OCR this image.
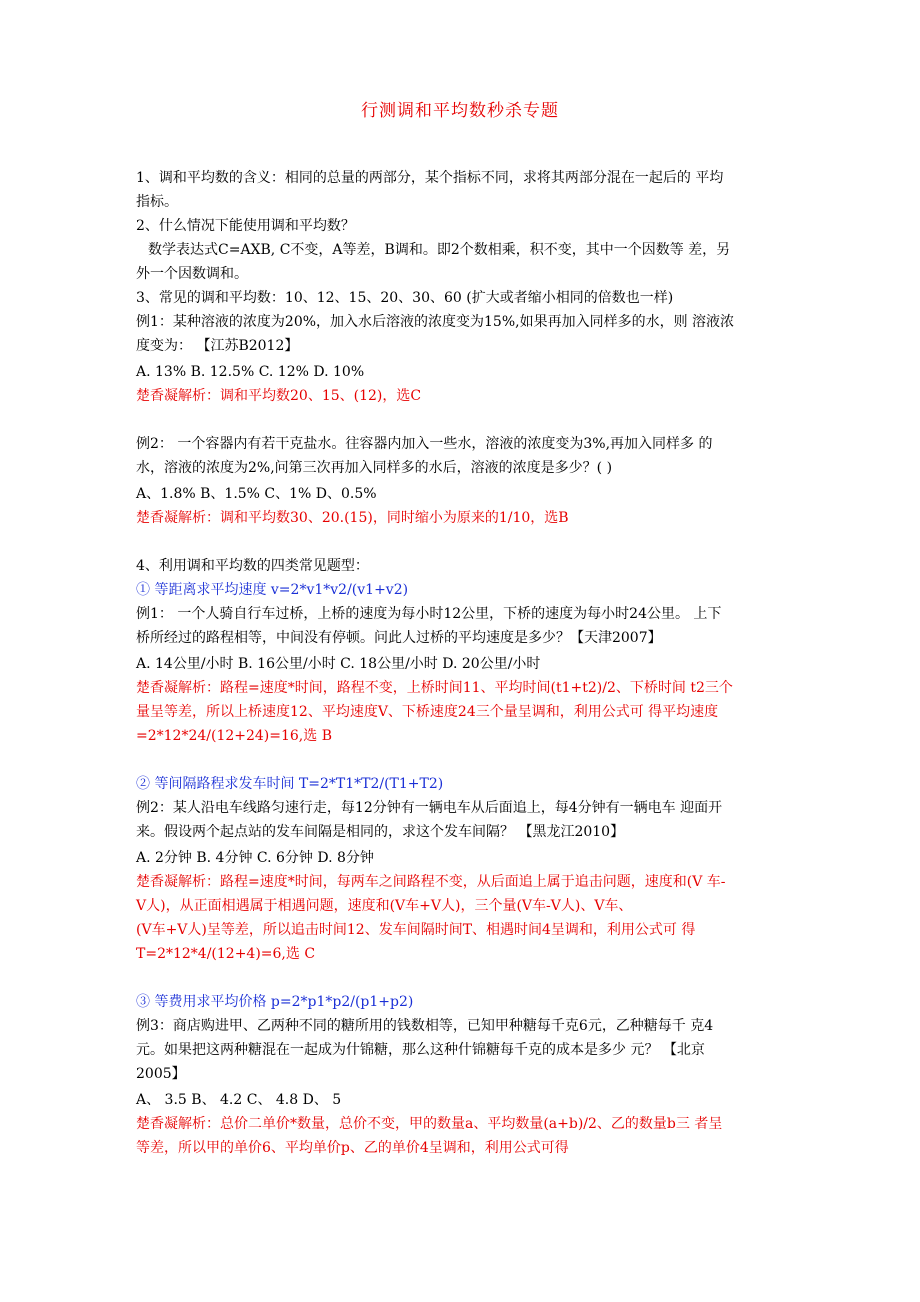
行测调和平均数秒杀专题
1、调和平均数的含义：相同的总量的两部分，某个指标不同，求将其两部分混在一起后的 平均
指标。
2、什么情况下能使用调和平均数？
数学表达式C=AXB, C不变，A等差，B调和。即2个数相乘，积不变，其中一个因数等 差，另
外一个因数调和。
3、常见的调和平均数：10、12、15、20、30、60 (扩大或者缩小相同的倍数也一样)
例1：某种溶液的浓度为20%，加入水后溶液的浓度变为15%,如果再加入同样多的水，则 溶液浓
度变为： 【江苏B2012】
A. 13% B. 12.5% C. 12% D. 10%
楚香凝解析：调和平均数20、15、(12)，选C
例2： 一个容器内有若干克盐水。往容器内加入一些水，溶液的浓度变为3%,再加入同样多 的
水，溶液的浓度为2%,问第三次再加入同样多的水后，溶液的浓度是多少？( )
A、1.8% B、1.5% C、1% D、0.5%
楚香凝解析：调和平均数30、20.(15)，同时缩小为原来的1/10，选B
4、利用调和平均数的四类常见题型：
① 等距离求平均速度 v=2*v1*v2/(v1+v2)
例1： 一个人骑自行车过桥，上桥的速度为每小时12公里，下桥的速度为每小时24公里。 上下
桥所经过的路程相等，中间没有停顿。问此人过桥的平均速度是多少？【天津2007】
A. 14公里/小时 B. 16公里/小时 C. 18公里/小时 D. 20公里/小时
楚香凝解析：路程=速度*时间，路程不变，上桥时间11、平均时间(t1+t2)/2、下桥时间 t2三个
量呈等差，所以上桥速度12、平均速度V、下桥速度24三个量呈调和，利用公式可 得平均速度
=2*12*24/(12+24)=16,选 B
② 等间隔路程求发车时间 T=2*T1*T2/(T1+T2)
例2：某人沿电车线路匀速行走，每12分钟有一辆电车从后面追上，每4分钟有一辆电车 迎面开
来。假设两个起点站的发车间隔是相同的，求这个发车间隔？ 【黑龙江2010】
A. 2分钟 B. 4分钟 C. 6分钟 D. 8分钟
楚香凝解析：路程=速度*时间，每两车之间路程不变，从后面追上属于追击问题，速度和(V 车-
V人)，从正面相遇属于相遇问题，速度和(V车+V人)，三个量(V车-V人)、V车、
(V车+V人)呈等差，所以追击时间12、发车间隔时间T、相遇时间4呈调和，利用公式可 得
T=2*12*4/(12+4)=6,选 C
③ 等费用求平均价格 p=2*p1*p2/(p1+p2)
例3：商店购进甲、乙两种不同的糖所用的钱数相等，已知甲种糖每千克6元，乙种糖每千 克4
元。如果把这两种糖混在一起成为什锦糖，那么这种什锦糖每千克的成本是多少 元？ 【北京
2005】
A、 3.5 B、 4.2 C、 4.8 D、 5
楚香凝解析：总价二单价*数量，总价不变，甲的数量a、平均数量(a+b)/2、乙的数量b三 者呈
等差，所以甲的单价6、平均单价p、乙的单价4呈调和，利用公式可得
